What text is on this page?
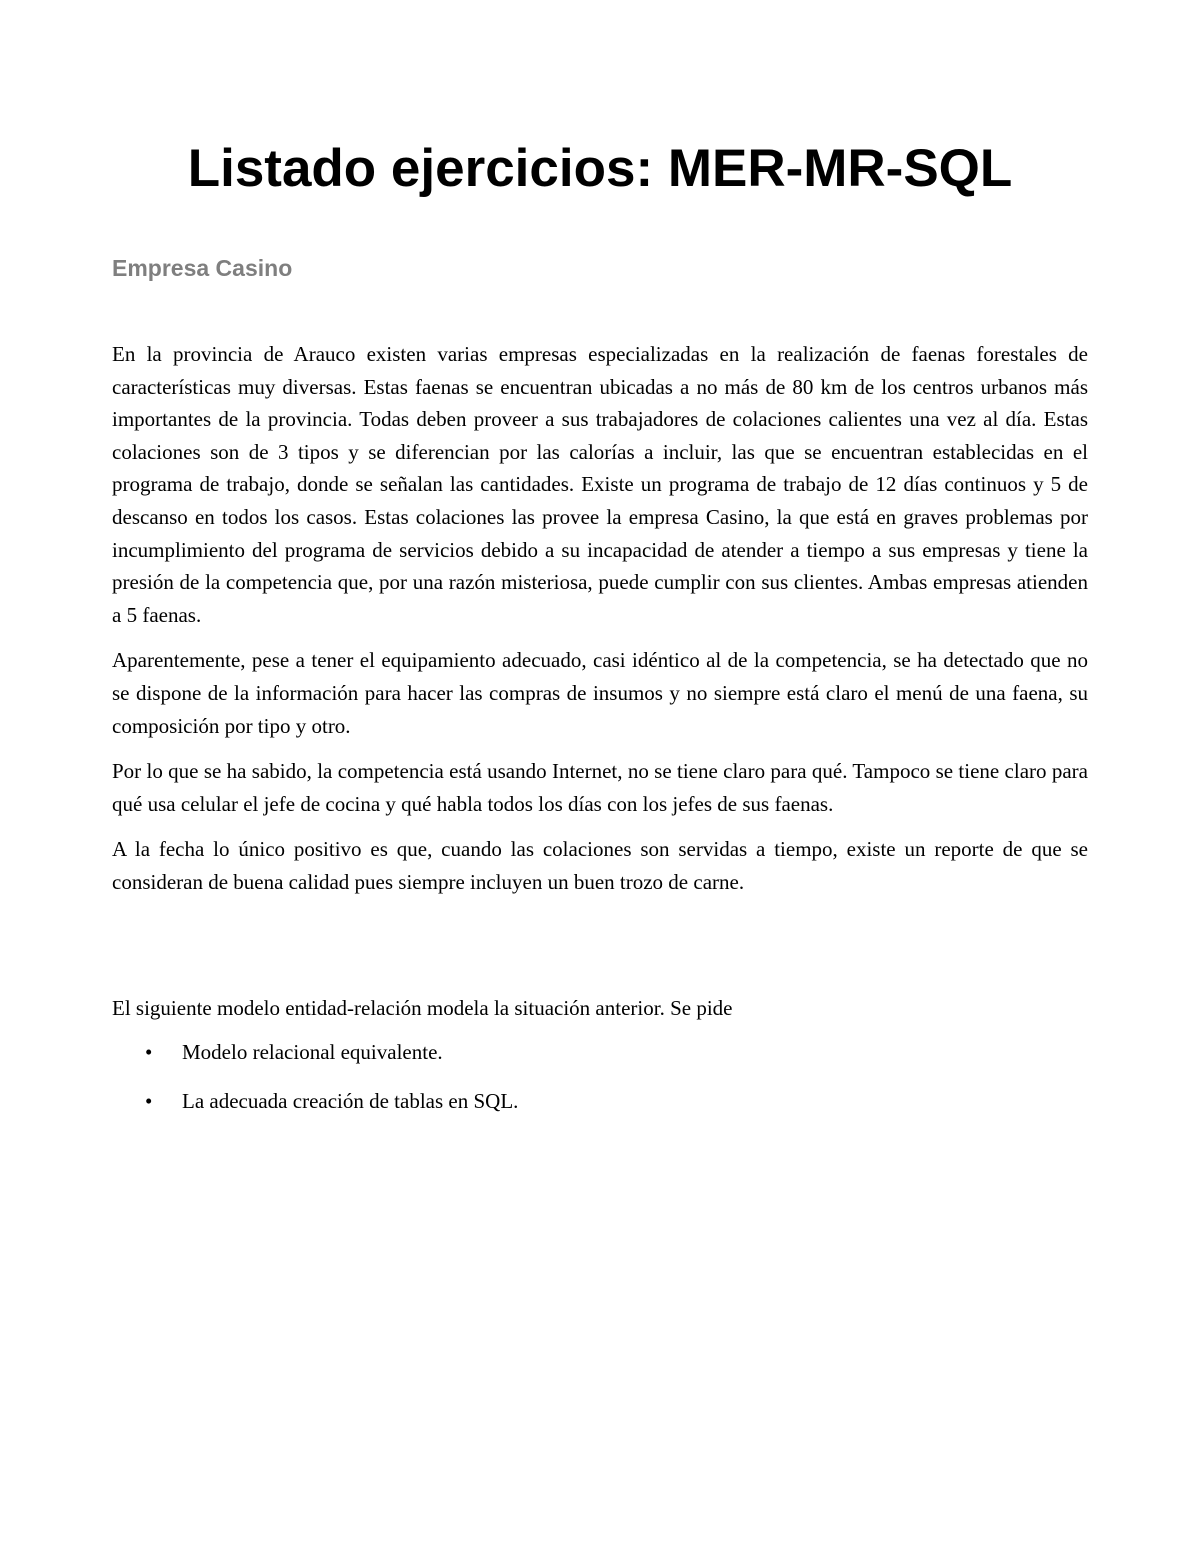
Listado ejercicios: MER-MR-SQL
Empresa Casino

En la provincia de Arauco existen varias empresas especializadas en la realización de faenas forestales de características muy diversas. Estas faenas se encuentran ubicadas a no más de 80 km de los centros urbanos más importantes de la provincia. Todas deben proveer a sus trabajadores de colaciones calientes una vez al día. Estas colaciones son de 3 tipos y se diferencian por las calorías a incluir, las que se encuentran establecidas en el programa de trabajo, donde se señalan las cantidades. Existe un programa de trabajo de 12 días continuos y 5 de descanso en todos los casos. Estas colaciones las provee la empresa Casino, la que está en graves problemas por incumplimiento del programa de servicios debido a su incapacidad de atender a tiempo a sus empresas y tiene la presión de la competencia que, por una razón misteriosa, puede cumplir con sus clientes. Ambas empresas atienden a 5 faenas.

Aparentemente, pese a tener el equipamiento adecuado, casi idéntico al de la competencia, se ha detectado que no se dispone de la información para hacer las compras de insumos y no siempre está claro el menú de una faena, su composición por tipo y otro.

Por lo que se ha sabido, la competencia está usando Internet, no se tiene claro para qué. Tampoco se tiene claro para qué usa celular el jefe de cocina y qué habla todos los días con los jefes de sus faenas.

A la fecha lo único positivo es que, cuando las colaciones son servidas a tiempo, existe un reporte de que se consideran de buena calidad pues siempre incluyen un buen trozo de carne.

El siguiente modelo entidad-relación modela la situación anterior. Se pide

• Modelo relacional equivalente.
• La adecuada creación de tablas en SQL.
